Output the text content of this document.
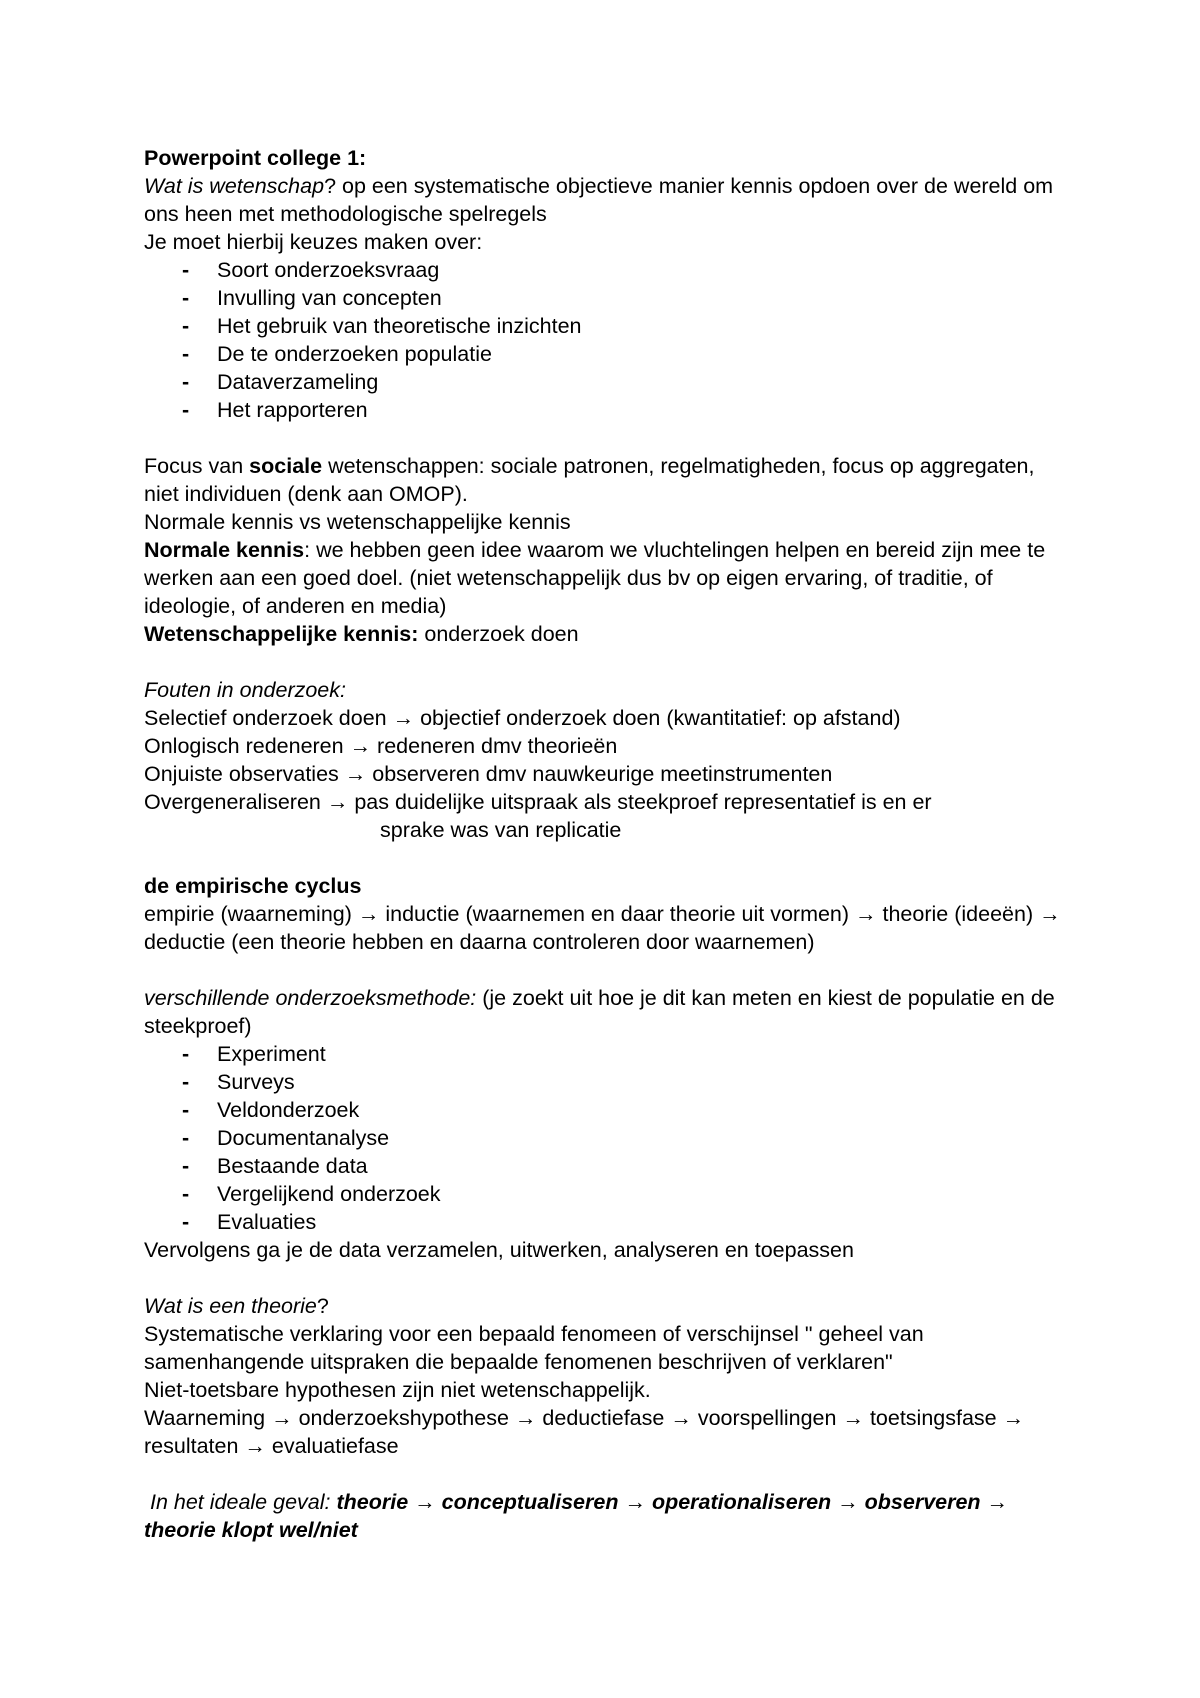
Powerpoint college 1:

Wat is wetenschap? op een systematische objectieve manier kennis opdoen over de wereld om ons heen met methodologische spelregels

Je moet hierbij keuzes maken over:

- Soort onderzoeksvraag
- Invulling van concepten
- Het gebruik van theoretische inzichten
- De te onderzoeken populatie
- Dataverzameling
- Het rapporteren

Focus van sociale wetenschappen: sociale patronen, regelmatigheden, focus op aggregaten, niet individuen (denk aan OMOP).

Normale kennis vs wetenschappelijke kennis

Normale kennis: we hebben geen idee waarom we vluchtelingen helpen en bereid zijn mee te werken aan een goed doel. (niet wetenschappelijk dus bv op eigen ervaring, of traditie, of ideologie, of anderen en media)

Wetenschappelijke kennis: onderzoek doen

Fouten in onderzoek:

Selectief onderzoek doen → objectief onderzoek doen (kwantitatief: op afstand)

Onlogisch redeneren → redeneren dmv theorieën

Onjuiste observaties → observeren dmv nauwkeurige meetinstrumenten

Overgeneraliseren → pas duidelijke uitspraak als steekproef representatief is en er

sprake was van replicatie

de empirische cyclus

empirie (waarneming) → inductie (waarnemen en daar theorie uit vormen) → theorie (ideeën) → deductie (een theorie hebben en daarna controleren door waarnemen)

verschillende onderzoeksmethode: (je zoekt uit hoe je dit kan meten en kiest de populatie en de steekproef)

- Experiment
- Surveys
- Veldonderzoek
- Documentanalyse
- Bestaande data
- Vergelijkend onderzoek
- Evaluaties

Vervolgens ga je de data verzamelen, uitwerken, analyseren en toepassen

Wat is een theorie?

Systematische verklaring voor een bepaald fenomeen of verschijnsel " geheel van samenhangende uitspraken die bepaalde fenomenen beschrijven of verklaren"

Niet-toetsbare hypothesen zijn niet wetenschappelijk.

Waarneming → onderzoekshypothese → deductiefase → voorspellingen → toetsingsfase → resultaten → evaluatiefase

In het ideale geval: theorie → conceptualiseren → operationaliseren → observeren → theorie klopt wel/niet
